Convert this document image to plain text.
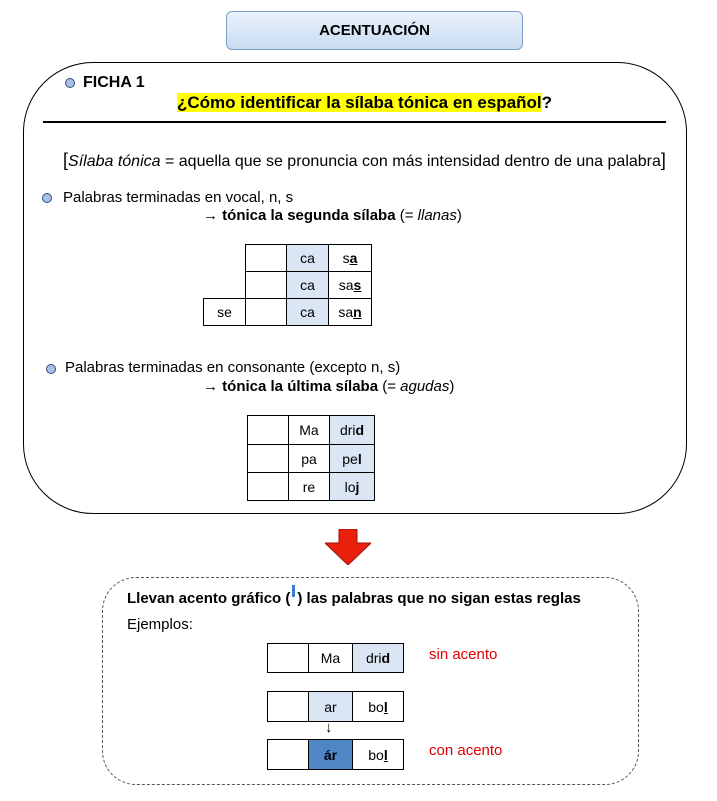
ACENTUACIÓN
FICHA 1
¿Cómo identificar la sílaba tónica en español?
[Sílaba tónica = aquella que se pronuncia con más intensidad dentro de una palabra]
Palabras terminadas en vocal, n, s
→ tónica la segunda sílaba (= llanas)
		ca	sa
		ca	sas
se		ca	san
Palabras terminadas en consonante (excepto n, s)
→ tónica la última sílaba (= agudas)
	Ma	drid
	pa	pel
	re	loj
Llevan acento gráfico ( ) las palabras que no sigan estas reglas
Ejemplos:
	Ma	drid	sin acento
	ar	bol
↓
	ár	bol	con acento
